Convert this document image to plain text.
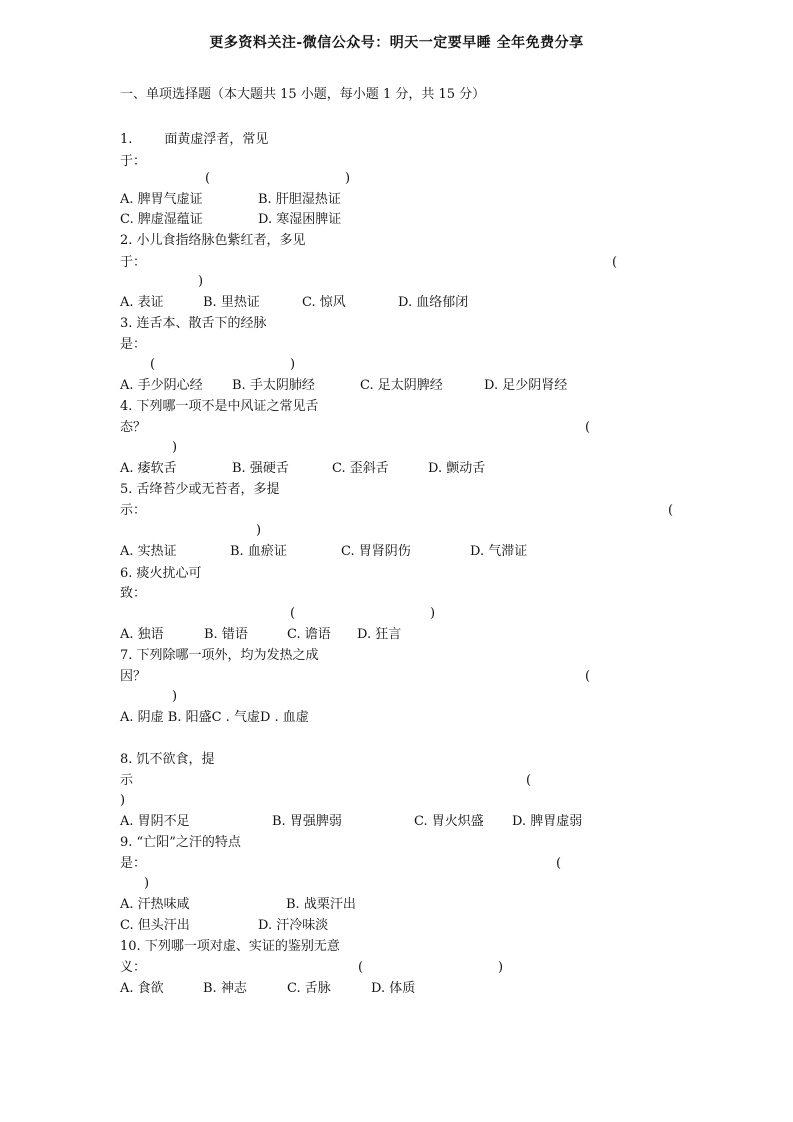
更多资料关注-微信公众号：明天一定要早睡 全年免费分享
一、单项选择题（本大题共 15 小题，每小题 1 分，共 15 分）
1. 面黄虚浮者，常见
于：
(	)
A. 脾胃气虚证	B. 肝胆湿热证
C. 脾虚湿蕴证	D. 寒湿困脾证
2. 小儿食指络脉色紫红者，多见
于：	(
)
A. 表证	B. 里热证	C. 惊风	D. 血络郁闭
3. 连舌本、散舌下的经脉
是：
(	)
A. 手少阴心经 B. 手太阴肺经	C. 足太阴脾经	D. 足少阴肾经
4. 下列哪一项不是中风证之常见舌
态？	(
)
A. 痿软舌	B. 强硬舌	C. 歪斜舌	D. 颤动舌
5. 舌绛苔少或无苔者，多提
示：	(
)
A. 实热证	B. 血瘀证	C. 胃肾阴伤	D. 气滞证
6. 痰火扰心可
致：
(	)
A. 独语	B. 错语	C. 谵语 D. 狂言
7. 下列除哪一项外，均为发热之成
因？	(
)
A. 阴虚 B. 阳盛C . 气虚D . 血虚
8. 饥不欲食，提
示	(
)
A. 胃阴不足	B. 胃强脾弱	C. 胃火炽盛 D. 脾胃虚弱
9. “亡阳”之汗的特点
是：	(
)
A. 汗热味咸	B. 战栗汗出
C. 但头汗出	D. 汗冷味淡
10. 下列哪一项对虚、实证的鉴别无意
义：	(	)
A. 食欲	B. 神志	C. 舌脉	D. 体质
